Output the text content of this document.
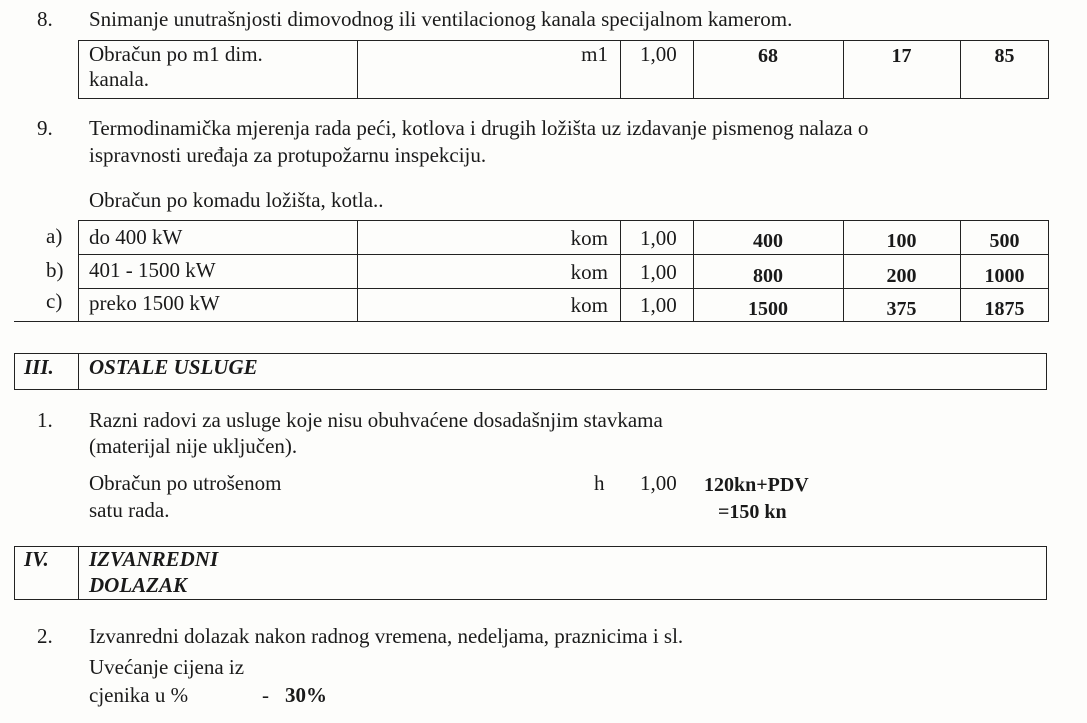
8. Snimanje unutrašnjosti dimovodnog ili ventilacionog kanala specijalnom kamerom.
Obračun po m1 dim.
kanala.
m1 1,00	68	17	85
9. Termodinamička mjerenja rada peći, kotlova i drugih ložišta uz izdavanje pismenog nalaza o
ispravnosti uređaja za protupožarnu inspekciju.
Obračun po komadu ložišta, kotla..
a) do 400 kW	kom 1,00	400	100	500
b) 401 - 1500 kW	kom 1,00	800	200	1000
c) preko 1500 kW	kom 1,00	1500	375	1875
III. OSTALE USLUGE
1. Razni radovi za usluge koje nisu obuhvaćene dosadašnjim stavkama
(materijal nije uključen).
Obračun po utrošenom
satu rada.
h 1,00 120kn+PDV
=150 kn
IV. IZVANREDNI
DOLAZAK
2. Izvanredni dolazak nakon radnog vremena, nedeljama, praznicima i sl.
Uvećanje cijena iz
cjenika u %	- 30%
